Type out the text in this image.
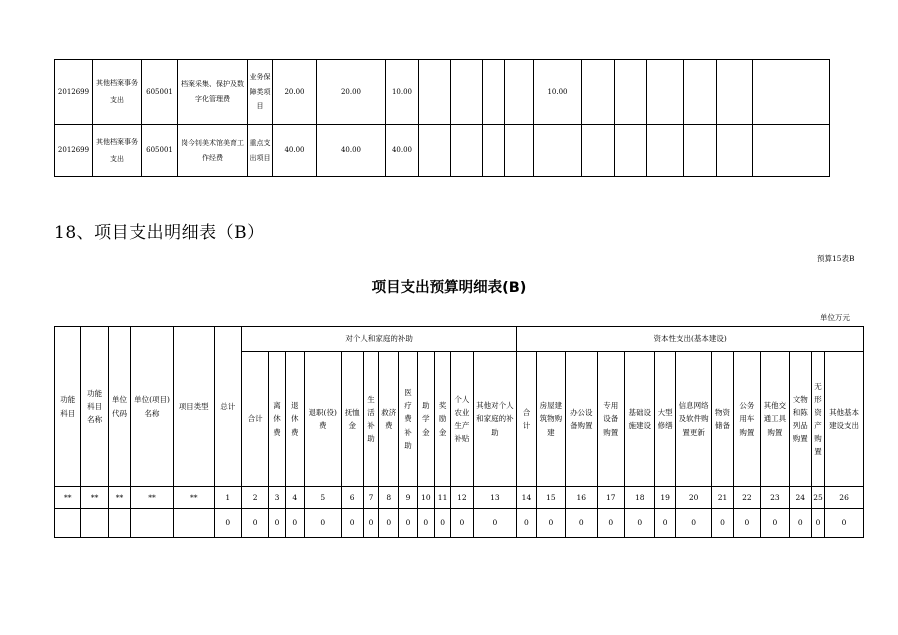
2012699	其他档案事务支出	605001	档案采集、保护及数字化管理费	业务保障类项目	20.00	20.00	10.00					10.00						
2012699	其他档案事务支出	605001	岗今钊美术馆美育工作经费	重点支出项目	40.00	40.00	40.00											
18、项目支出明细表（B）
预算15表B
项目支出预算明细表(B)
单位万元
功能科目	功能科目名称	单位代码	单位(项目)名称	项目类型	总计	对个人和家庭的补助												资本性支出(基本建设)												
						合计	离休费	退休费	退职(役)费	抚恤金	生活补助	救济费	医疗费补助	助学金	奖励金	个人农业生产补贴	其他对个人和家庭的补助	合计	房屋建筑物购建	办公设备购置	专用设备购置	基础设施建设	大型修缮	信息网络及软件购置更新	物资储备	公务用车购置	其他交通工具购置	文物和陈列品购置	无形资产购置	其他基本建设支出
**	**	**	**	**	1	2	3	4	5	6	7	8	9	10	11	12	13	14	15	16	17	18	19	20	21	22	23	24	25	26
					0	0	0	0	0	0	0	0	0	0	0	0	0	0	0	0	0	0	0	0	0	0	0	0	0	0
